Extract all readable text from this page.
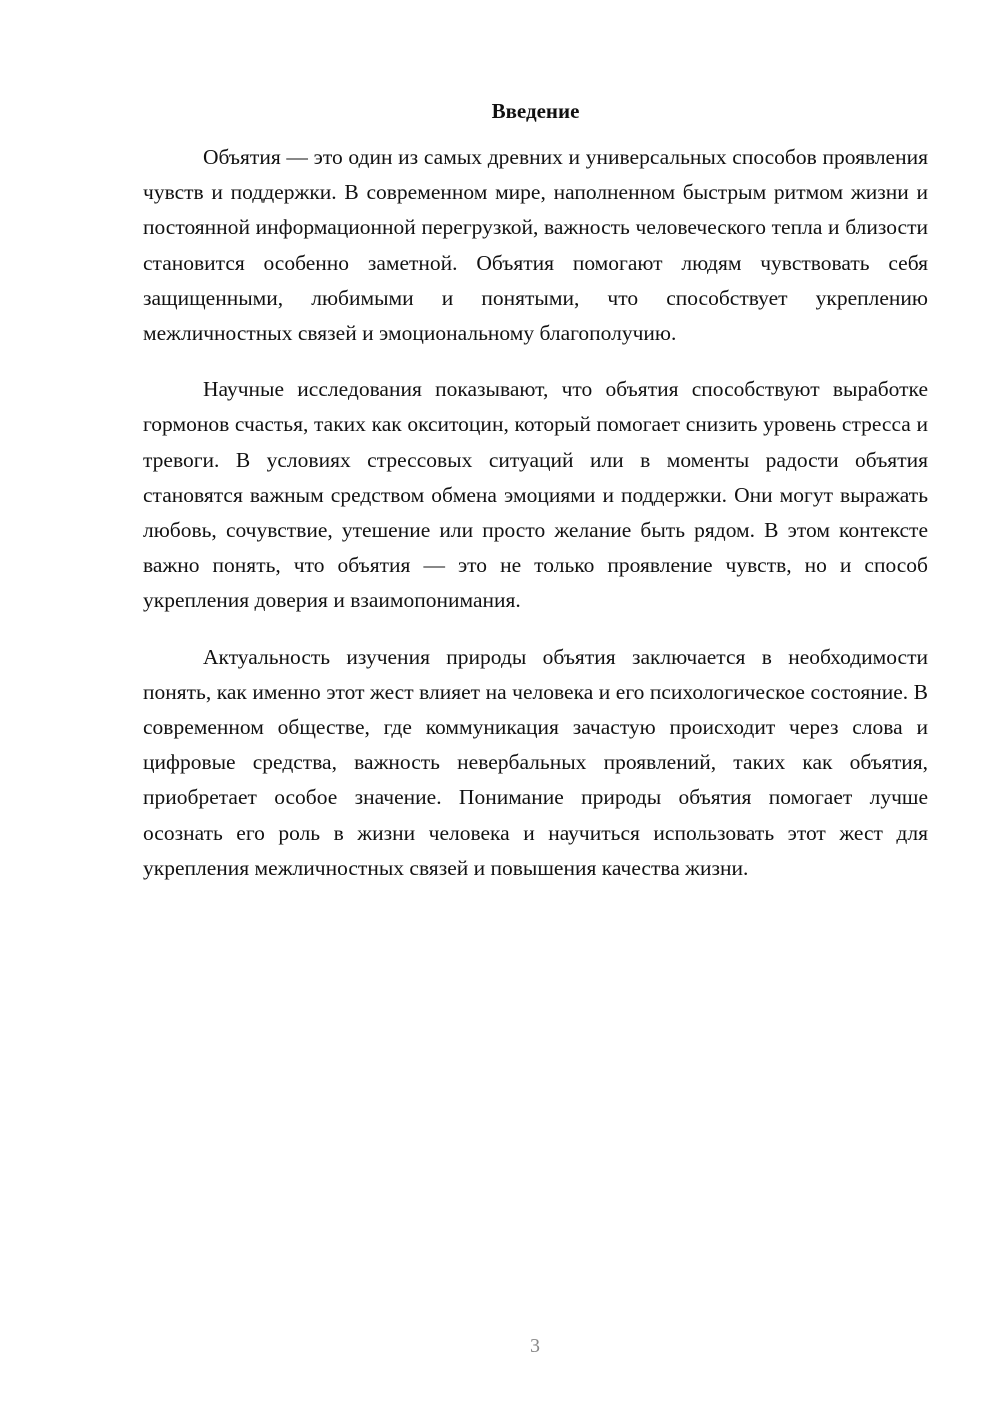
Введение

Объятия — это один из самых древних и универсальных способов проявления чувств и поддержки. В современном мире, наполненном быстрым ритмом жизни и постоянной информационной перегрузкой, важность человеческого тепла и близости становится особенно заметной. Объятия помогают людям чувствовать себя защищенными, любимыми и понятыми, что способствует укреплению межличностных связей и эмоциональному благополучию.

Научные исследования показывают, что объятия способствуют выработке гормонов счастья, таких как окситоцин, который помогает снизить уровень стресса и тревоги. В условиях стрессовых ситуаций или в моменты радости объятия становятся важным средством обмена эмоциями и поддержки. Они могут выражать любовь, сочувствие, утешение или просто желание быть рядом. В этом контексте важно понять, что объятия — это не только проявление чувств, но и способ укрепления доверия и взаимопонимания.

Актуальность изучения природы объятия заключается в необходимости понять, как именно этот жест влияет на человека и его психологическое состояние. В современном обществе, где коммуникация зачастую происходит через слова и цифровые средства, важность невербальных проявлений, таких как объятия, приобретает особое значение. Понимание природы объятия помогает лучше осознать его роль в жизни человека и научиться использовать этот жест для укрепления межличностных связей и повышения качества жизни.

3
